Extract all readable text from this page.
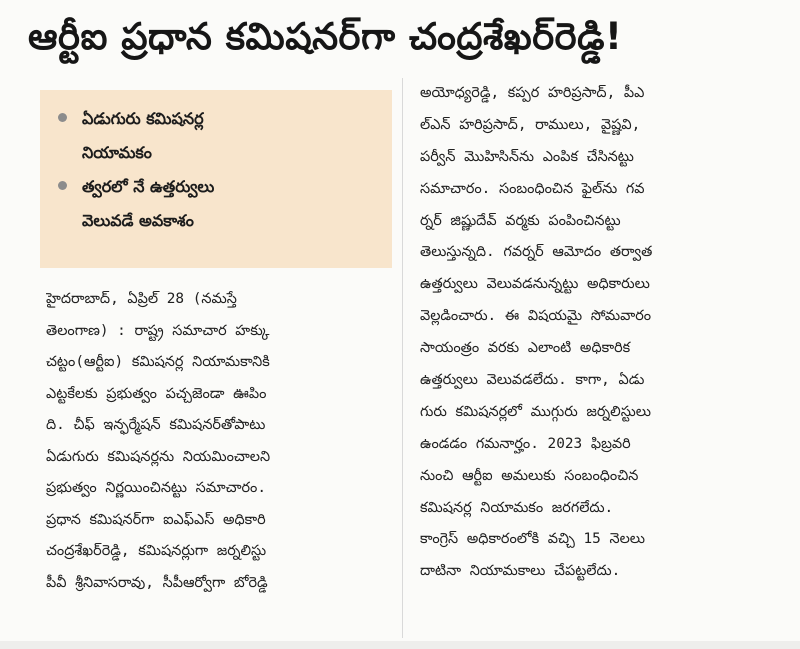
ఆర్టీఐ ప్రధాన కమిషనర్‌గా చంద్రశేఖర్‌రెడ్డి!
ఏడుగురు కమిషనర్ల
నియామకం
త్వరలో నే ఉత్తర్వులు
వెలువడే అవకాశం
హైదరాబాద్, ఏప్రిల్ 28 (నమస్తే
తెలంగాణ) : రాష్ట్ర సమాచార హక్కు
చట్టం(ఆర్టీఐ) కమిషనర్ల నియామకానికి
ఎట్టకేలకు ప్రభుత్వం పచ్చజెండా ఊపిం
ది. చీఫ్ ఇన్ఫర్మేషన్ కమిషనర్‌తోపాటు
ఏడుగురు కమిషనర్లను నియమించాలని
ప్రభుత్వం నిర్ణయించినట్టు సమాచారం.
ప్రధాన కమిషనర్‌గా ఐఎఫ్ఎస్ అధికారి
చంద్రశేఖర్‌రెడ్డి, కమిషనర్లుగా జర్నలిస్టు
పీవీ శ్రీనివాసరావు, సీపీఆర్వోగా బోరెడ్డి
అయోధ్యరెడ్డి, కప్పర హరిప్రసాద్, పీఎ
ల్‌ఎన్ హరిప్రసాద్, రాములు, వైష్ణవి,
పర్వీన్ మొహిసిన్‌ను ఎంపిక చేసినట్టు
సమాచారం. సంబంధించిన ఫైల్‌ను గవ
ర్నర్ జిష్ణుదేవ్ వర్మకు పంపించినట్టు
తెలుస్తున్నది. గవర్నర్ ఆమోదం తర్వాత
ఉత్తర్వులు వెలువడనున్నట్టు అధికారులు
వెల్లడించారు. ఈ విషయమై సోమవారం
సాయంత్రం వరకు ఎలాంటి అధికారిక
ఉత్తర్వులు వెలువడలేదు. కాగా, ఏడు
గురు కమిషనర్లలో ముగ్గురు జర్నలిస్టులు
ఉండడం గమనార్హం. 2023 ఫిబ్రవరి
నుంచి ఆర్టీఐ అమలుకు సంబంధించిన
కమిషనర్ల నియామకం జరగలేదు.
కాంగ్రెస్ అధికారంలోకి వచ్చి 15 నెలలు
దాటినా నియామకాలు చేపట్టలేదు.
